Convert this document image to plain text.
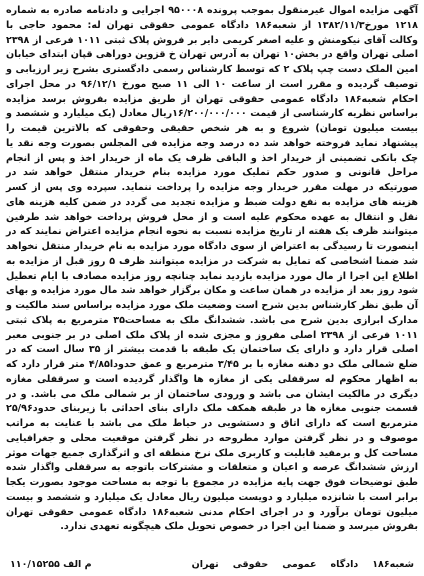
آگهی مزایده اموال غیرمنقول بموجب پرونده ۹۵۰۰۰۸ اجرایی و دادنامه صادره به شماره ۱۲۱۸ مورخ۱۳۸۲/۱۱/۳ از شعبه۱۸۶ دادگاه عمومی حقوقی تهران له: محمود حاجی با وکالت آقای نیکومنش و علیه اصغر کریمی دایر بر فروش پلاک ثبتی ۱۰۱۱ فرعی از ۲۳۹۸ اصلی تهران واقع در بخش۱۰ تهران به آدرس تهران خ قزوین دوراهی قپان ابتدای خیابان امین الملک دست چپ پلاک ۲ که توسط کارشناس رسمی دادگستری بشرح زیر ارزیابی و توصیف گردیده و مقرر است از ساعت ۱۰ الی ۱۱ صبح مورخ ۹۶/۱۲/۱ در محل اجرای احکام شعبه۱۸۶ دادگاه عمومی حقوقی تهران از طریق مزایده بفروش برسد مزایده براساس نظریه کارشناسی از قیمت ۱۶/۲۰۰/۰۰۰/۰۰۰ریال معادل (یک میلیارد و ششصد و بیست میلیون تومان) شروع و به هر شخص حقیقی وحقوقی که بالاترین قیمت را پیشنهاد نماید فروخته خواهد شد ده درصد وجه مزایده فی المجلس بصورت وجه نقد یا چک بانکی تضمینی از خریدار اخذ و الباقی ظرف یک ماه از خریدار اخذ و پس از انجام مراحل قانونی و صدور حکم تملیک مورد مزایده بنام خریدار منتقل خواهد شد در صورتیکه در مهلت مقرر خریدار وجه مزایده را پرداخت ننماید. سپرده وی پس از کسر هزینه های مزایده به نفع دولت ضبط و مزایده تجدید می گردد در ضمن کلیه هزینه های نقل و انتقال به عهده محکوم علیه است و از محل فروش پرداخت خواهد شد طرفین میتوانند ظرف یک هفته از تاریخ مزایده نسبت به نحوه انجام مزایده اعتراض نمایند که در اینصورت تا رسیدگی به اعتراض از سوی دادگاه مورد مزایده به نام خریدار منتقل نخواهد شد ضمنا اشخاصی که تمایل به شرکت در مزایده میتوانند ظرف ۵ روز قبل از مزایده به اطلاع این اجرا از مال مورد مزایده بازدید نماید چنانچه روز مزایده مصادف با ایام تعطیل شود روز بعد از مزایده در همان ساعت و مکان برگزار خواهد شد مال مورد مزایده و بهای آن طبق نظر کارشناس بدین شرح است وضعیت ملک مورد مزایده براساس سند مالکیت و مدارک ابرازی بدین شرح می باشد. ششدانگ ملک به مساحت۳۵ مترمربع به پلاک ثبتی ۱۰۱۱ فرعی از ۲۳۹۸ اصلی مفروز و مجزی شده از پلاک ملک اصلی در بر جنوبی معبر اصلی قرار دارد و دارای یک ساختمان یک طبقه با قدمت بیشتر از ۳۵ سال است که در ضلع شمالی ملک دو دهنه مغازه با بر ۳/۴۵ مترمربع و عمق حدودا۴/۸۵ متر قرار دارد که به اظهار محکوم له سرقفلی یکی از مغازه ها واگذار گردیده است و سرقفلی مغازه دیگری در مالکیت ایشان می باشد و ورودی ساختمان از بر شمالی ملک می باشد. و در قسمت جنوبی مغازه ها در طبقه همکف ملک دارای بنای احداثی با زیربنای حدود۲۵/۹۶ مترمربع است که دارای اتاق و دستشویی در حیاط ملک می باشد با عنایت به مراتب موصوف و در نظر گرفتن موارد مطروحه در نظر گرفتن موقعیت محلی و جغرافیایی مساحت کل و برمفید قابلیت و کاربری ملک نرخ منطقه ای و اثرگذاری جمیع جهات موثر ارزش ششدانگ عرصه و اعیان و متعلقات و مشترکات باتوجه به سرقفلی واگذار شده طبق توضیحات فوق جهت پایه مزایده در مجموع با توجه به مساحت موجود بصورت یکجا برابر است با شانزده میلیارد و دویست میلیون ریال معادل یک میلیارد و ششصد و بیست میلیون تومان برآورد و در اجرای احکام مدنی شعبه۱۸۶ دادگاه عمومی حقوقی تهران بفروش میرسد و ضمنا این اجرا در خصوص تحویل ملک هیچگونه تعهدی ندارد.

شعبه۱۸۶
دادگاه
عمومی
حقوقی
تهران
۱۱۰/۱۵۲۵۵ م الف
